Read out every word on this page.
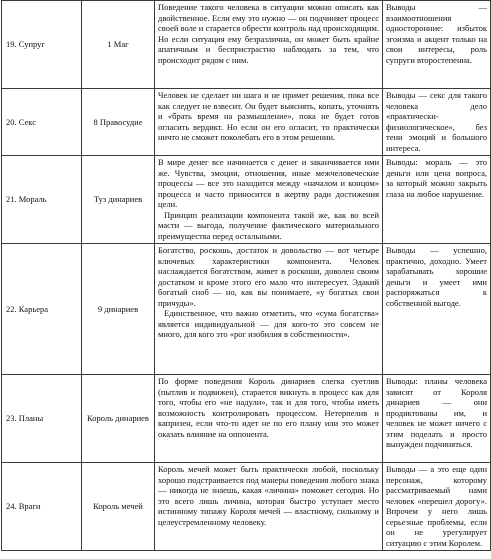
19. Супруг	1 Маг	Поведение такого человека в ситуации можно описать как двойственное. Если ему это нужно — он подчиняет процесс своей воле и старается обрести контроль над происходящим. Но если ситуация ему безразлична, он может быть крайне апатичным и беспристрастно наблюдать за тем, что происходит рядом с ним.	Выводы — взаимоотношения односторонние: избыток эгоизма и акцент только на свои интересы, роль супруги второстепенна.

20. Секс	8 Правосудие	Человек не сделает ни шага и не примет решения, пока все как следует не взвесит. Он будет выяснять, копать, уточнять и «брать время на размышление», пока не будет готов огласить вердикт. Но если он его огласит, то практически ничто не сможет поколебать его в этом решении.	Выводы — секс для такого человека дело «практически-физиологическое», без тени эмоций и большого интереса.

21. Мораль	Туз динариев	В мире денег все начинается с денег и заканчивается ими же. Чувства, эмоции, отношения, иные межчеловеческие процессы — все это находится между «началом и концом» процесса и часто приносится в жертву ради достижения цели.

Принцип реализации компонента такой же, как во всей масти — выгода, получение фактического материального преимущества перед остальными.	Выводы: мораль — это деньги или цена вопроса, за который можно закрыть глаза на любое нарушение.

22. Карьера	9 динариев	Богатство, роскошь, достаток и довольство — вот четыре ключевых характеристики компонента. Человек наслаждается богатством, живет в роскоши, доволен своим достатком и кроме этого его мало что интересует. Эдакий богатый сноб — но, как вы понимаете, «у богатых свои причуды».

Единственное, что важно отметить, что «сума богатства» является индивидуальной — для кого-то это совсем не много, для кого это «рог изобилия в собственности».	Выводы — успешно, практично, доходно. Умеет зарабатывать хорошие деньги и умеет ими распоряжаться к собственной выгоде.

23. Планы	Король динариев	По форме поведения Король динариев слегка суетлив (пытлив и подвижен), старается викнуть в процесс как для того, чтобы его «не надули», так и для того, чтобы иметь возможность контролировать процессом. Нетерпелив и капризен, если что-то идет не по его плану или это может оказать влияние на оппонента.	Выводы: планы человека зависят от Короля динариев — они продиктованы им, и человек не может ничего с этим поделать и просто вынужден подчиняться.

24. Враги	Король мечей	Король мечей может быть практически любой, поскольку хорошо подстраивается под манеры поведения любого знака — никогда не знаешь, какая «личина» поможет сегодня. Но это всего лишь личина, которая быстро уступает место истинному типажу Короля мечей — властному, сильному и целеустремленному человеку.	Выводы — а это еще один персонаж, которому рассматриваемый нами человек «перешел дорогу». Впрочем у него лишь серьезные проблемы, если он не урегулирует ситуацию с этим Королем.
